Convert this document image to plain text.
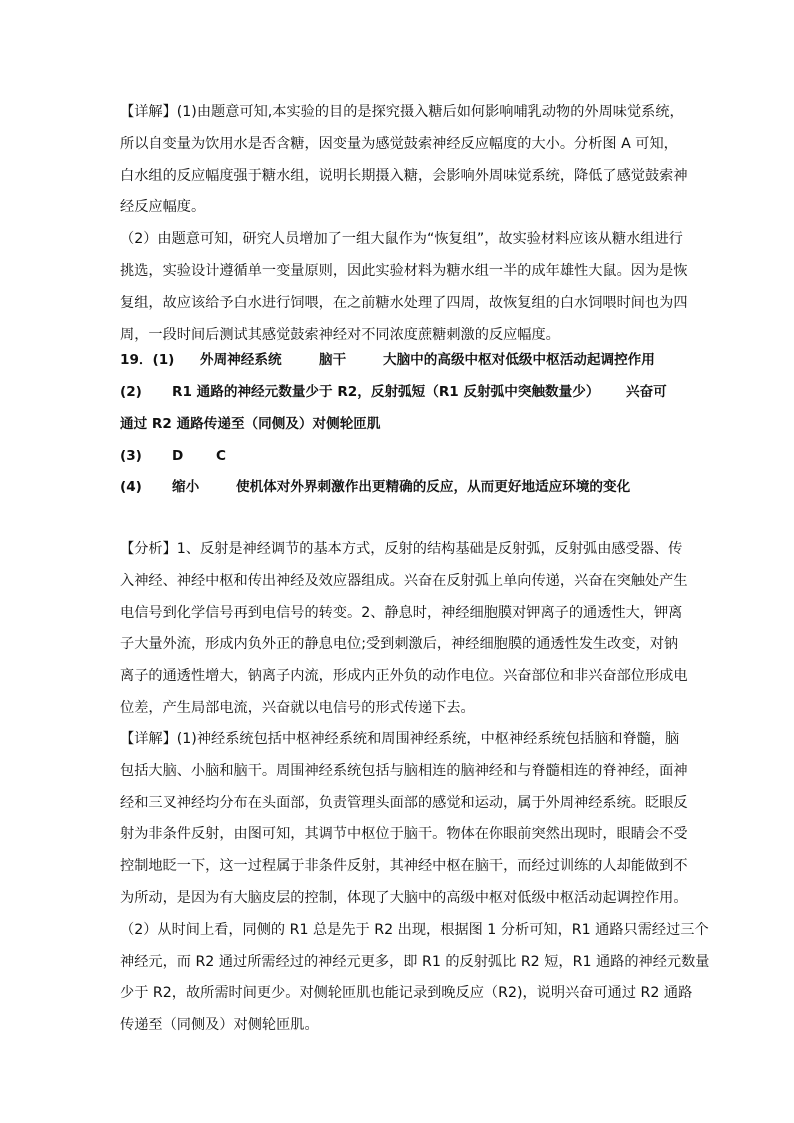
【详解】(1)由题意可知,本实验的目的是探究摄入糖后如何影响哺乳动物的外周味觉系统，
所以自变量为饮用水是否含糖，因变量为感觉鼓索神经反应幅度的大小。分析图 A 可知，
白水组的反应幅度强于糖水组，说明长期摄入糖，会影响外周味觉系统，降低了感觉鼓索神
经反应幅度。
（2）由题意可知，研究人员增加了一组大鼠作为“恢复组”，故实验材料应该从糖水组进行
挑选，实验设计遵循单一变量原则，因此实验材料为糖水组一半的成年雄性大鼠。因为是恢
复组，故应该给予白水进行饲喂，在之前糖水处理了四周，故恢复组的白水饲喂时间也为四
周，一段时间后测试其感觉鼓索神经对不同浓度蔗糖刺激的反应幅度。
19．(1) 外周神经系统	脑干	大脑中的高级中枢对低级中枢活动起调控作用
(2) R1 通路的神经元数量少于 R2，反射弧短（R1 反射弧中突触数量少） 兴奋可
通过 R2 通路传递至（同侧及）对侧轮匝肌
(3) D C
(4) 缩小	使机体对外界刺激作出更精确的反应，从而更好地适应环境的变化
【分析】1、反射是神经调节的基本方式，反射的结构基础是反射弧，反射弧由感受器、传
入神经、神经中枢和传出神经及效应器组成。兴奋在反射弧上单向传递，兴奋在突触处产生
电信号到化学信号再到电信号的转变。2、静息时，神经细胞膜对钾离子的通透性大，钾离
子大量外流，形成内负外正的静息电位;受到刺激后，神经细胞膜的通透性发生改变，对钠
离子的通透性增大，钠离子内流，形成内正外负的动作电位。兴奋部位和非兴奋部位形成电
位差，产生局部电流，兴奋就以电信号的形式传递下去。
【详解】(1)神经系统包括中枢神经系统和周围神经系统，中枢神经系统包括脑和脊髓，脑
包括大脑、小脑和脑干。周围神经系统包括与脑相连的脑神经和与脊髓相连的脊神经，面神
经和三叉神经均分布在头面部，负责管理头面部的感觉和运动，属于外周神经系统。眨眼反
射为非条件反射，由图可知，其调节中枢位于脑干。物体在你眼前突然出现时，眼睛会不受
控制地眨一下，这一过程属于非条件反射，其神经中枢在脑干，而经过训练的人却能做到不
为所动，是因为有大脑皮层的控制，体现了大脑中的高级中枢对低级中枢活动起调控作用。
（2）从时间上看，同侧的 R1 总是先于 R2 出现，根据图 1 分析可知，R1 通路只需经过三个
神经元，而 R2 通过所需经过的神经元更多，即 R1 的反射弧比 R2 短，R1 通路的神经元数量
少于 R2，故所需时间更少。对侧轮匝肌也能记录到晚反应（R2)，说明兴奋可通过 R2 通路
传递至（同侧及）对侧轮匝肌。
